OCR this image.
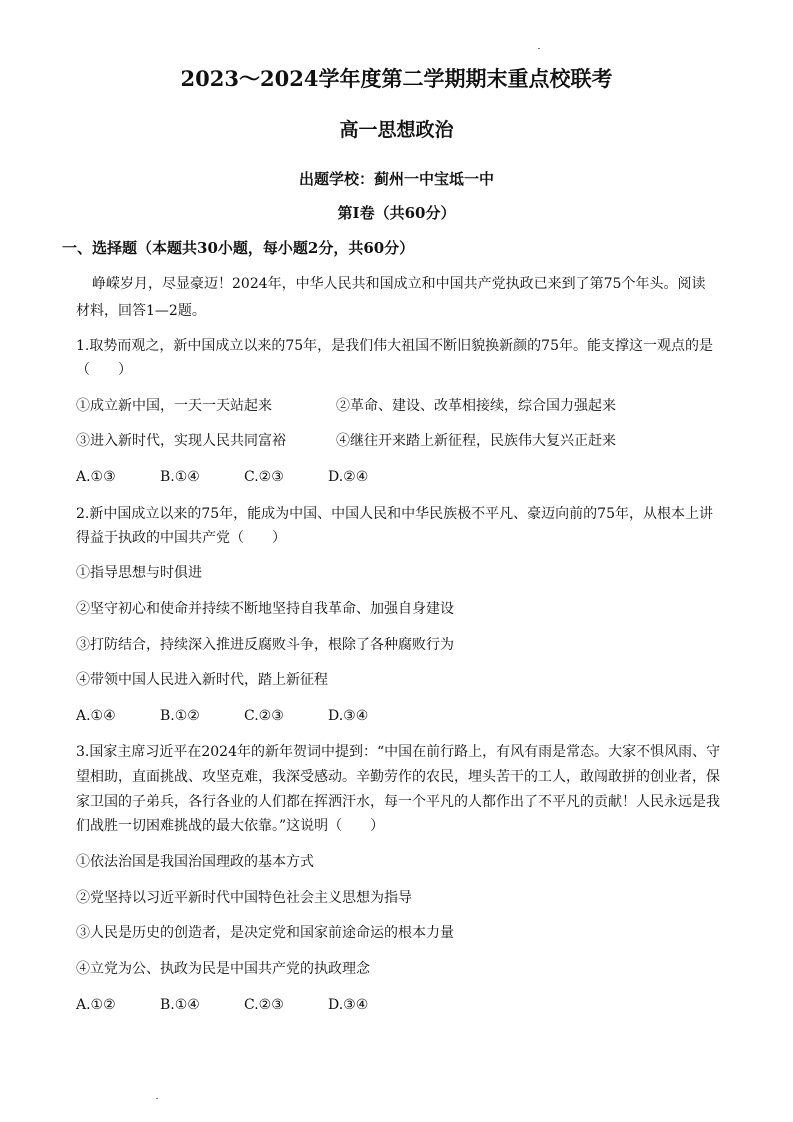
2023～2024学年度第二学期期末重点校联考
高一思想政治
出题学校：蓟州一中宝坻一中
第Ⅰ卷（共60分）
一、选择题（本题共30小题，每小题2分，共60分）
峥嵘岁月，尽显豪迈！2024年，中华人民共和国成立和中国共产党执政已来到了第75个年头。阅读
材料，回答1—2题。
1.取势而观之，新中国成立以来的75年，是我们伟大祖国不断旧貌换新颜的75年。能支撑这一观点的是
（　　）
①成立新中国，一天一天站起来	②革命、建设、改革相接续，综合国力强起来
③进入新时代，实现人民共同富裕	④继往开来踏上新征程，民族伟大复兴正赶来
A.①③	B.①④	C.②③	D.②④
2.新中国成立以来的75年，能成为中国、中国人民和中华民族极不平凡、豪迈向前的75年，从根本上讲
得益于执政的中国共产党（　　）
①指导思想与时俱进
②坚守初心和使命并持续不断地坚持自我革命、加强自身建设
③打防结合，持续深入推进反腐败斗争，根除了各种腐败行为
④带领中国人民进入新时代，踏上新征程
A.①④	B.①②	C.②③	D.③④
3.国家主席习近平在2024年的新年贺词中提到：“中国在前行路上，有风有雨是常态。大家不惧风雨、守
望相助，直面挑战、攻坚克难，我深受感动。辛勤劳作的农民，埋头苦干的工人，敢闯敢拼的创业者，保
家卫国的子弟兵，各行各业的人们都在挥洒汗水，每一个平凡的人都作出了不平凡的贡献！人民永远是我
们战胜一切困难挑战的最大依靠。”这说明（　　）
①依法治国是我国治国理政的基本方式
②党坚持以习近平新时代中国特色社会主义思想为指导
③人民是历史的创造者，是决定党和国家前途命运的根本力量
④立党为公、执政为民是中国共产党的执政理念
A.①②	B.①④	C.②③	D.③④
